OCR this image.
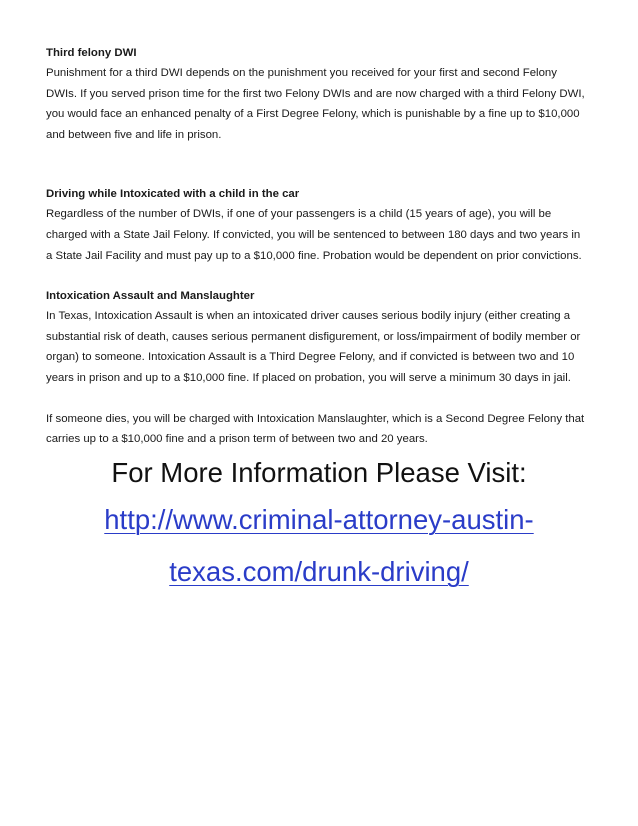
Third felony DWI

Punishment for a third DWI depends on the punishment you received for your first and second Felony

DWIs. If you served prison time for the first two Felony DWIs and are now charged with a third Felony DWI,

you would face an enhanced penalty of a First Degree Felony, which is punishable by a fine up to $10,000

and between five and life in prison.

Driving while Intoxicated with a child in the car

Regardless of the number of DWIs, if one of your passengers is a child (15 years of age), you will be

charged with a State Jail Felony. If convicted, you will be sentenced to between 180 days and two years in

a State Jail Facility and must pay up to a $10,000 fine. Probation would be dependent on prior convictions.

Intoxication Assault and Manslaughter

In Texas, Intoxication Assault is when an intoxicated driver causes serious bodily injury (either creating a

substantial risk of death, causes serious permanent disfigurement, or loss/impairment of bodily member or

organ) to someone. Intoxication Assault is a Third Degree Felony, and if convicted is between two and 10

years in prison and up to a $10,000 fine. If placed on probation, you will serve a minimum 30 days in jail.

If someone dies, you will be charged with Intoxication Manslaughter, which is a Second Degree Felony that

carries up to a $10,000 fine and a prison term of between two and 20 years.

For More Information Please Visit:

http://www.criminal-attorney-austin-
texas.com/drunk-driving/
